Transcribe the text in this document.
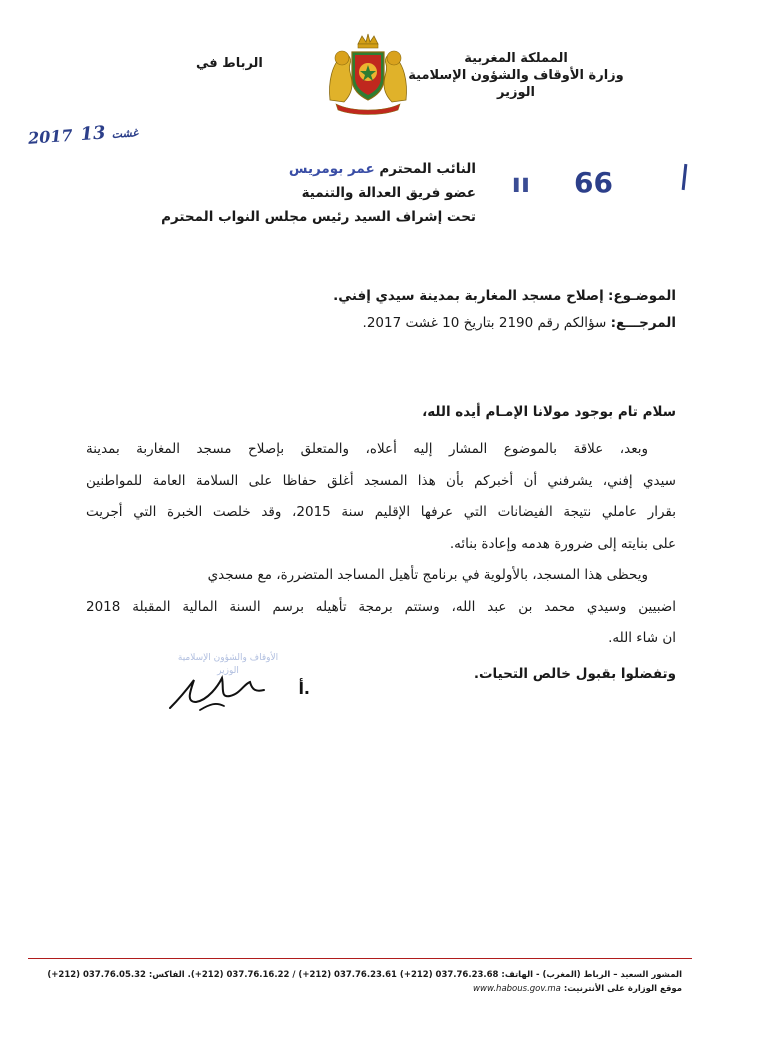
المملكة المغربية
وزارة الأوقاف والشؤون الإسلامية
الوزير
الرباط في
2017	غشت13
▌▌ 66
النائب المحترم عمر بومريس
عضو فريق العدالة والتنمية
تحت إشراف السيد رئيس مجلس النواب المحترم
الموضـوع: إصلاح مسجد المغاربة بمدينة سيدي إفني.
المرجـــع: سؤالكم رقم 2190 بتاريخ 10 غشت 2017.
سلام تام بوجود مولانا الإمـام أيده الله،
وبعد، علاقة بالموضوع المشار إليه أعلاه، والمتعلق بإصلاح مسجد المغاربة بمدينة
سيدي إفني، يشرفني أن أخبركم بأن هذا المسجد أغلق حفاظا على السلامة العامة للمواطنين
بقرار عاملي نتيجة الفيضانات التي عرفها الإقليم سنة 2015، وقد خلصت الخبرة التي أجريت
على بنايته إلى ضرورة هدمه وإعادة بنائه.
ويحظى هذا المسجد، بالأولوية في برنامج تأهيل المساجد المتضررة، مع مسجدي
اضبيين وسيدي محمد بن عبد الله، وستتم برمجة تأهيله برسم السنة المالية المقبلة 2018
ان شاء الله.
وتفضلوا بقبول خالص التحيات.
الأوقاف والشؤون الإسلامية
الوزير
أ.
المشور السعيد – الرباط (المغرب) - الهاتف: 037.76.23.68 (212+) 037.76.23.61 (212+) / 037.76.16.22 (212+). الفاكس: 037.76.05.32 (212+)
موقع الوزارة على الأنترنيت: www.habous.gov.ma
